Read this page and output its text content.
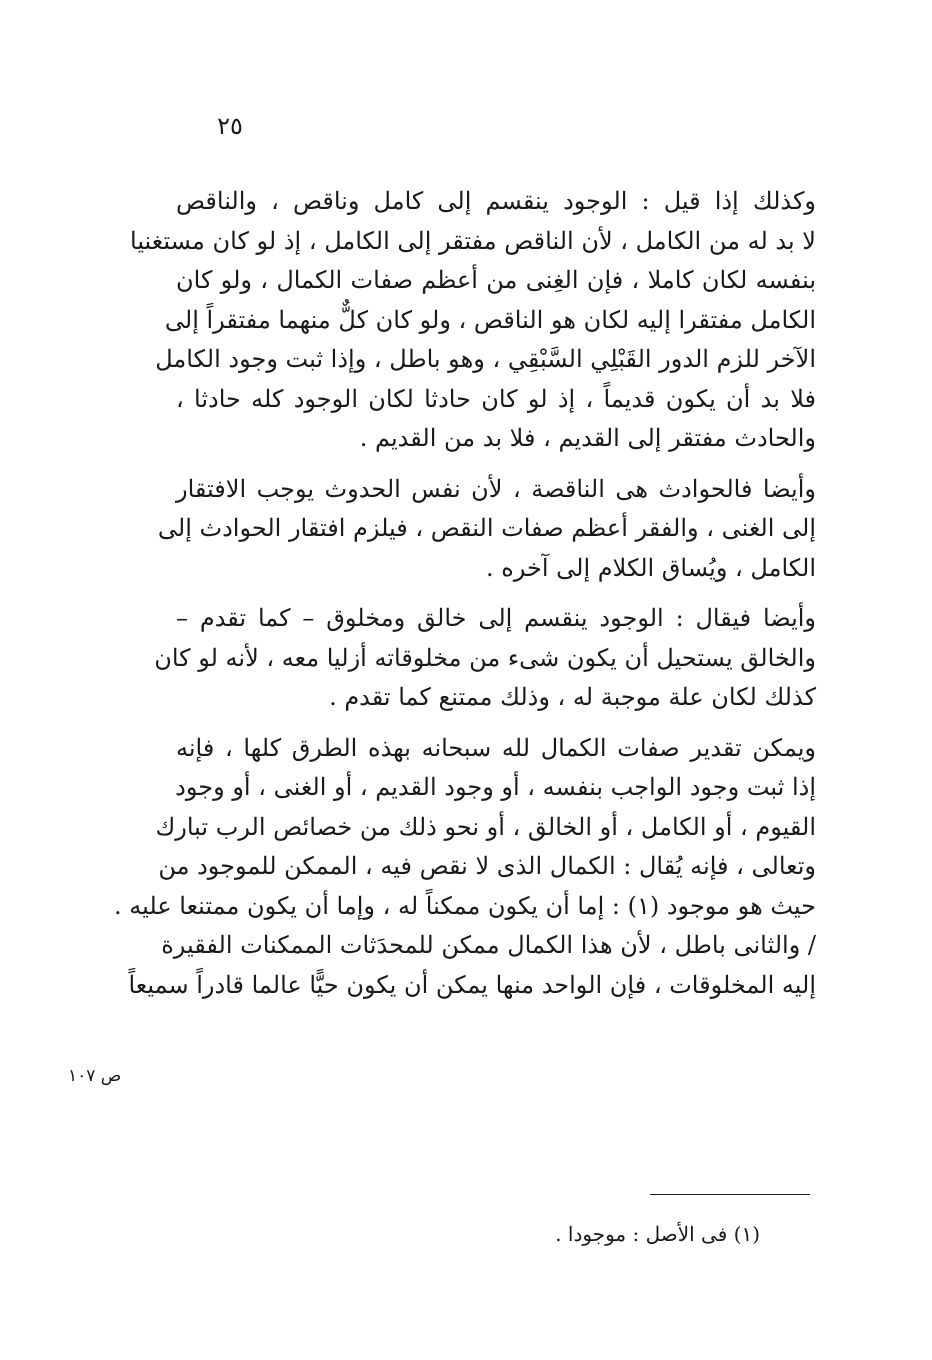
٢٥

وكذلك إذا قيل : الوجود ينقسم إلى كامل وناقص ، والناقص
لا بد له من الكامل ، لأن الناقص مفتقر إلى الكامل ، إذ لو كان مستغنيا
بنفسه لكان كاملا ، فإن الغِنى من أعظم صفات الكمال ، ولو كان
الكامل مفتقرا إليه لكان هو الناقص ، ولو كان كلٌّ منهما مفتقراً إلى
الآخر للزم الدور القَبْلِي السَّبْقِي ، وهو باطل ، وإذا ثبت وجود الكامل
فلا بد أن يكون قديماً ، إذ لو كان حادثا لكان الوجود كله حادثا ،
والحادث مفتقر إلى القديم ، فلا بد من القديم .

وأيضا فالحوادث هى الناقصة ، لأن نفس الحدوث يوجب الافتقار
إلى الغنى ، والفقر أعظم صفات النقص ، فيلزم افتقار الحوادث إلى
الكامل ، ويُساق الكلام إلى آخره .

وأيضا فيقال : الوجود ينقسم إلى خالق ومخلوق – كما تقدم –
والخالق يستحيل أن يكون شىء من مخلوقاته أزليا معه ، لأنه لو كان
كذلك لكان علة موجبة له ، وذلك ممتنع كما تقدم .

ويمكن تقدير صفات الكمال لله سبحانه بهذه الطرق كلها ، فإنه
إذا ثبت وجود الواجب بنفسه ، أو وجود القديم ، أو الغنى ، أو وجود
القيوم ، أو الكامل ، أو الخالق ، أو نحو ذلك من خصائص الرب تبارك
وتعالى ، فإنه يُقال : الكمال الذى لا نقص فيه ، الممكن للموجود من
حيث هو موجود (١) : إما أن يكون ممكناً له ، وإما أن يكون ممتنعا عليه .
/ والثانى باطل ، لأن هذا الكمال ممكن للمحدَثات الممكنات الفقيرة
إليه المخلوقات ، فإن الواحد منها يمكن أن يكون حيًّا عالما قادراً سميعاً

ص ١٠٧
(١) فى الأصل : موجودا .
